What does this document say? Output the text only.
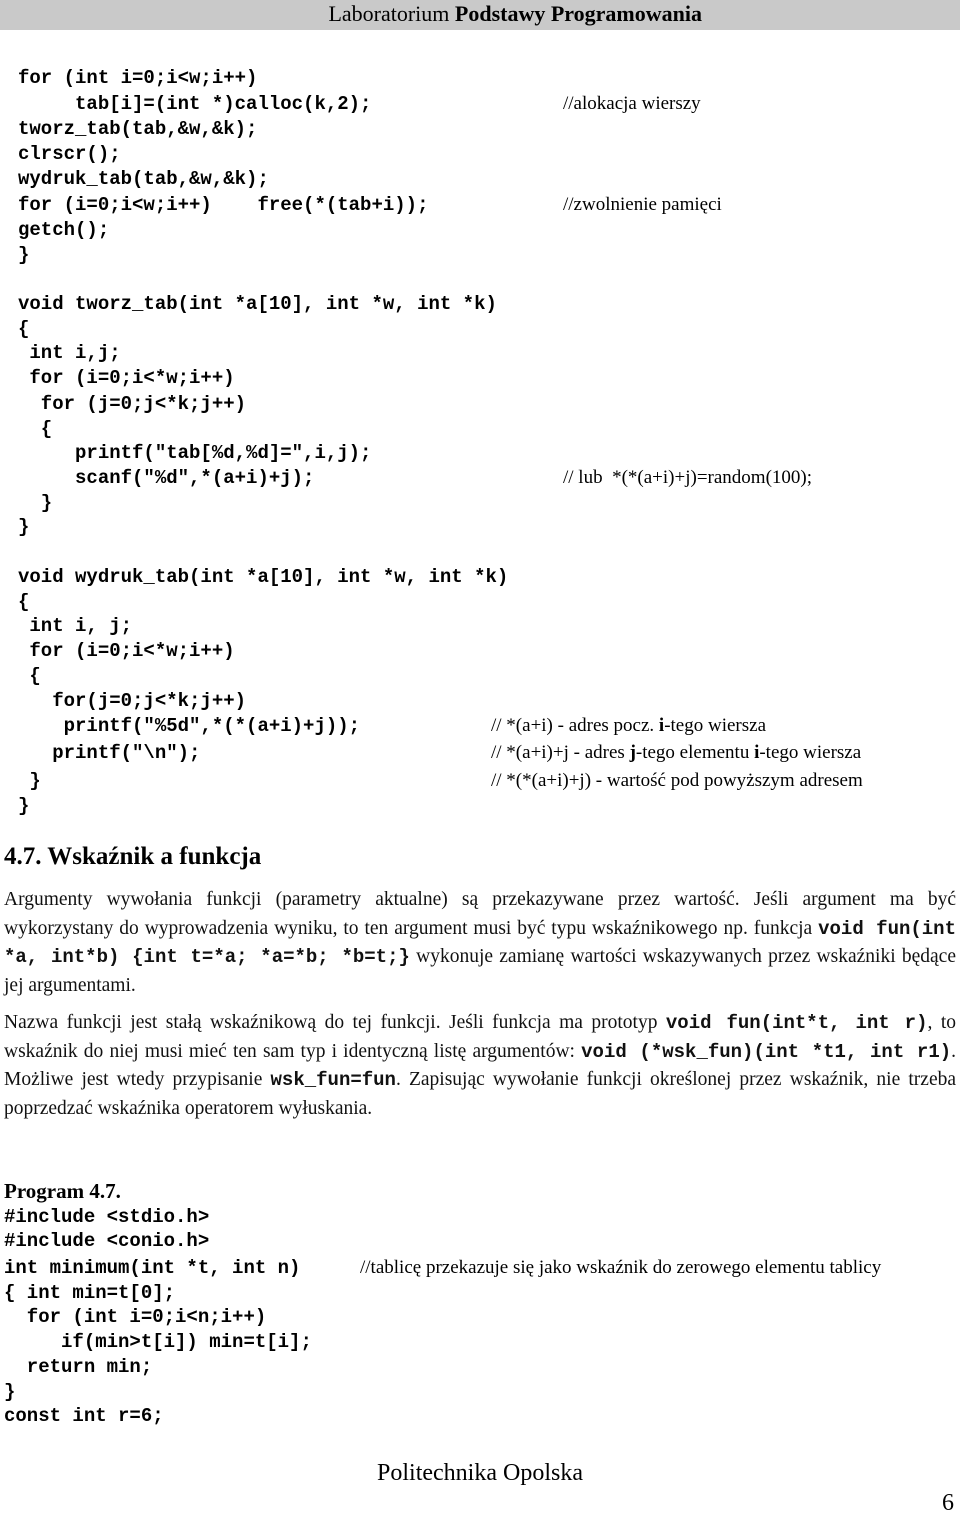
Laboratorium Podstawy Programowania
for (int i=0;i<w;i++)
tab[i]=(int *)calloc(k,2);
tworz_tab(tab,&w,&k);
clrscr();
wydruk_tab(tab,&w,&k);
for (i=0;i<w;i++)    free(*(tab+i));
getch();
}
void tworz_tab(int *a[10], int *w, int *k)
{
int i,j;
for (i=0;i<*w;i++)
for (j=0;j<*k;j++)
{
printf("tab[%d,%d]=",i,j);
scanf("%d",*(a+i)+j);
}
}
void wydruk_tab(int *a[10], int *w, int *k)
{
int i, j;
for (i=0;i<*w;i++)
{
for(j=0;j<*k;j++)
printf("%5d",*(*(a+i)+j));
printf("\n");
}
}
//alokacja wierszy
//zwolnienie pamięci
// lub  *(*(a+i)+j)=random(100);
// *(a+i) - adres pocz. i-tego wiersza
// *(a+i)+j - adres j-tego elementu i-tego wiersza
// *(*(a+i)+j) - wartość pod powyższym adresem
4.7. Wskaźnik a funkcja
Argumenty wywołania funkcji (parametry aktualne) są przekazywane przez wartość. Jeśli argument ma być wykorzystany do wyprowadzenia wyniku, to ten argument musi być typu wskaźnikowego np. funkcja void fun(int *a, int*b) {int t=*a; *a=*b; *b=t;} wykonuje zamianę wartości wskazywanych przez wskaźniki będące jej argumentami.
Nazwa funkcji jest stałą wskaźnikową do tej funkcji. Jeśli funkcja ma prototyp void fun(int*t, int r), to wskaźnik do niej musi mieć ten sam typ i identyczną listę argumentów: void (*wsk_fun)(int *t1, int r1). Możliwe jest wtedy przypisanie wsk_fun=fun. Zapisując wywołanie funkcji określonej przez wskaźnik, nie trzeba poprzedzać wskaźnika operatorem wyłuskania.
Program 4.7.
#include <stdio.h>
#include <conio.h>
int minimum(int *t, int n)
{ int min=t[0];
for (int i=0;i<n;i++)
if(min>t[i]) min=t[i];
return min;
}
const int r=6;
//tablicę przekazuje się jako wskaźnik do zerowego elementu tablicy
Politechnika Opolska
6
